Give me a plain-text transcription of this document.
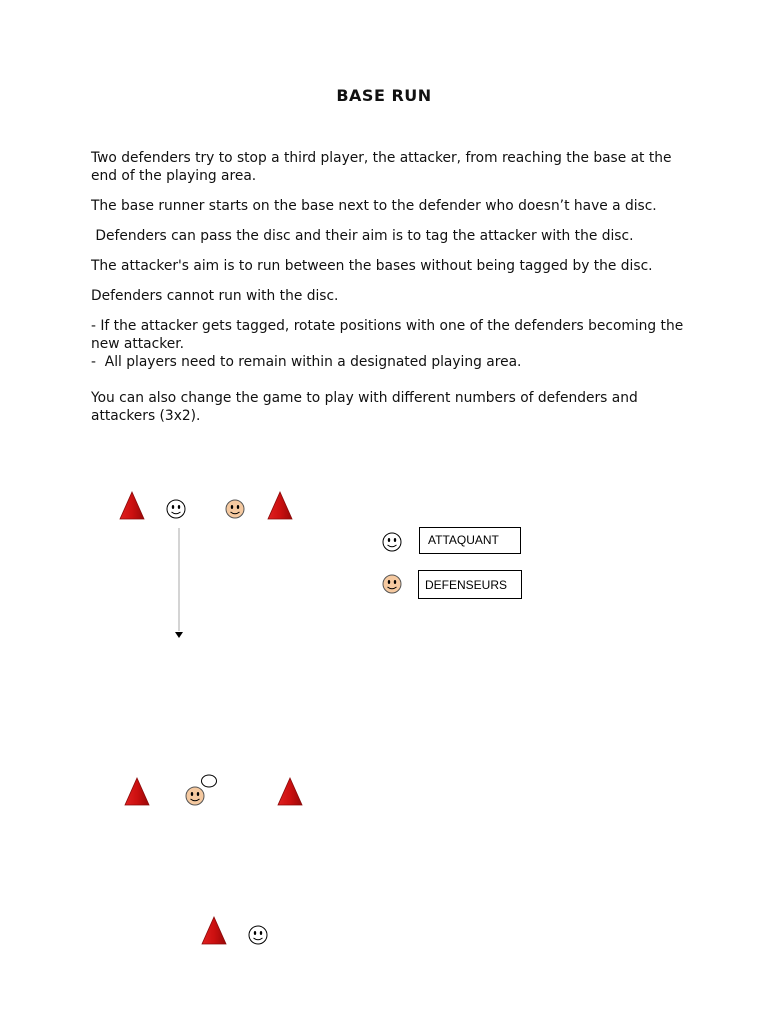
BASE RUN

Two defenders try to stop a third player, the attacker, from reaching the base at the end of the playing area.

The base runner starts on the base next to the defender who doesn’t have a disc.

Defenders can pass the disc and their aim is to tag the attacker with the disc.

The attacker's aim is to run between the bases without being tagged by the disc.

Defenders cannot run with the disc.

- If the attacker gets tagged, rotate positions with one of the defenders becoming the new attacker.

-  All players need to remain within a designated playing area.

You can also change the game to play with different numbers of defenders and attackers (3x2).

ATTAQUANT
DEFENSEURS
